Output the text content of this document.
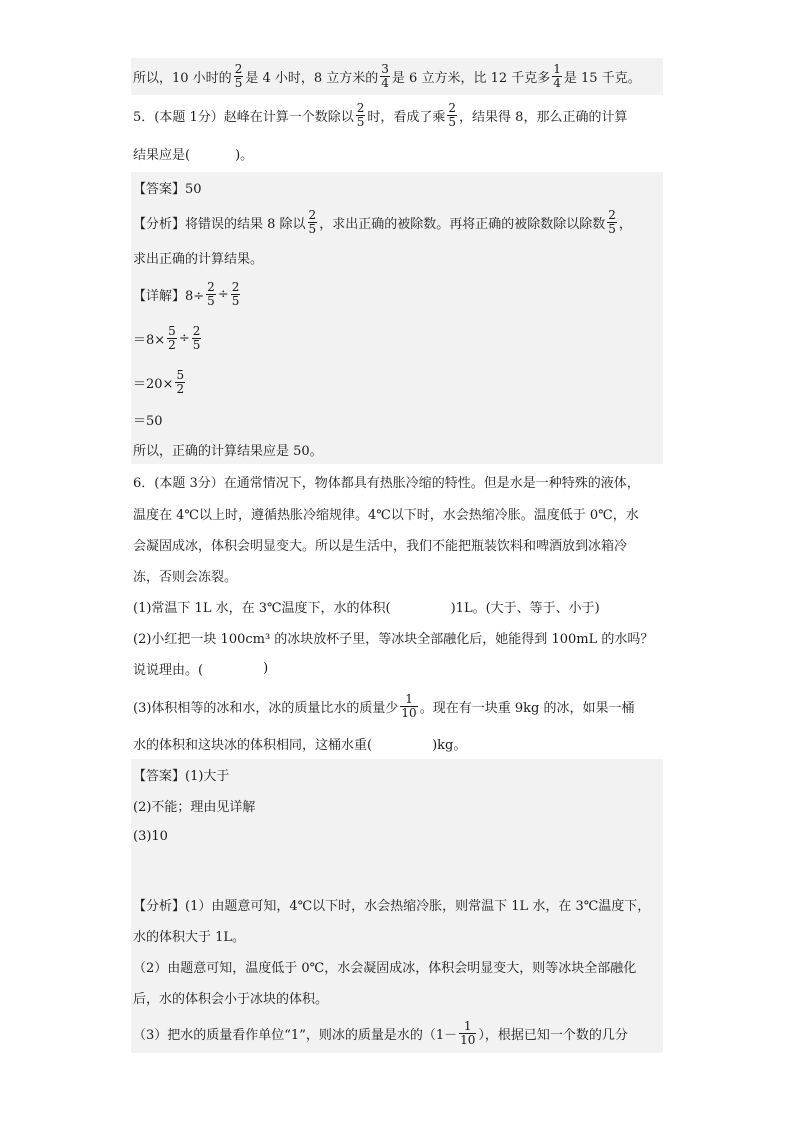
所以，10 小时的 $\frac{2}{5}$ 是 4 小时，8 立方米的 $\frac{3}{4}$ 是 6 立方米，比 12 千克多 $\frac{1}{4}$ 是 15 千克。
5．(本题 1分）赵峰在计算一个数除以 $\frac{2}{5}$ 时，看成了乘 $\frac{2}{5}$ ，结果得 8，那么正确的计算
结果应是(	)。
【答案】50
【分析】将错误的结果 8 除以 $\frac{2}{5}$ ，求出正确的被除数。再将正确的被除数除以除数 $\frac{2}{5}$ ，
求出正确的计算结果。
【详解】$8\div \frac{2}{5} \div \frac{2}{5}$
$=8\times \frac{5}{2} \div \frac{2}{5}$
$=20\times \frac{5}{2}$
＝50
所以，正确的计算结果应是 50。
6．(本题 3分）在通常情况下，物体都具有热胀冷缩的特性。但是水是一种特殊的液体，
温度在 4℃以上时，遵循热胀冷缩规律。4℃以下时，水会热缩冷胀。温度低于 0℃，水
会凝固成冰，体积会明显变大。所以是生活中，我们不能把瓶装饮料和啤酒放到冰箱冷
冻，否则会冻裂。
(1)常温下 1L 水，在 3℃温度下，水的体积(	)1L。(大于、等于、小于)
(2)小红把一块 100cm³ 的冰块放杯子里，等冰块全部融化后，她能得到 100mL 的水吗？
说说理由。(	)
(3)体积相等的冰和水，冰的质量比水的质量少 $\frac{1}{10}$ 。现在有一块重 9kg 的冰，如果一桶
水的体积和这块冰的体积相同，这桶水重(	)kg。
【答案】(1)大于
(2)不能；理由见详解
(3)10
【分析】(1）由题意可知，4℃以下时，水会热缩冷胀，则常温下 1L 水，在 3℃温度下，
水的体积大于 1L。
（2）由题意可知，温度低于 0℃，水会凝固成冰，体积会明显变大，则等冰块全部融化
后，水的体积会小于冰块的体积。
（3）把水的质量看作单位“1”，则冰的质量是水的（$1- \frac{1}{10}$ ），根据已知一个数的几分
